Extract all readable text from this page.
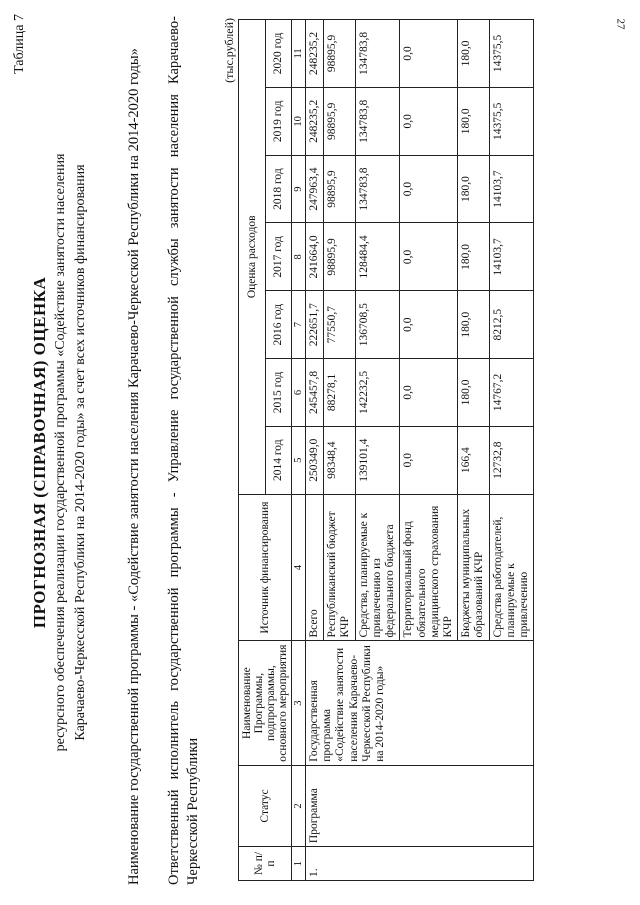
27
Таблица 7
ПРОГНОЗНАЯ (СПРАВОЧНАЯ) ОЦЕНКА ресурсного обеспечения реализации государственной программы «Содействие занятости населения Карачаево-Черкесской Республики на 2014-2020 годы» за счет всех источников финансирования	Наименование государственной программы - «Содействие занятости населения Карачаево-Черкесской Республики на 2014-2020 годы» Ответственный исполнитель государственной программы - Управление государственной службы занятости населения Карачаево-Черкесской Республики
(тыс.рублей)
№ п/п	Статус	Наименование Программы, подпрограммы, основного мероприятия	Источник финансирования	Оценка расходов						
				2014 год	2015 год	2016 год	2017 год	2018 год	2019 год	2020 год
1	2	3	4	5	6	7	8	9	10	11
1.	Программа	Государственная программа «Содействие занятости населения Карачаево-Черкесской Республики на 2014-2020 годы»	Всего	250349,0	245457,8	222651,7	241664,0	247963,4	248235,2	248235,2
			Республиканский бюджет КЧР	98348,4	88278,1	77550,7	98895,9	98895,9	98895,9	98895,9
			Средства, планируемые к привлечению из федерального бюджета	139101,4	142232,5	136708,5	128484,4	134783,8	134783,8	134783,8
			Территориальный фонд обязательного медицинского страхования КЧР	0,0	0,0	0,0	0,0	0,0	0,0	0,0
			Бюджеты муниципальных образований КЧР	166,4	180,0	180,0	180,0	180,0	180,0	180,0
			Средства работодателей, планируемые к привлечению	12732,8	14767,2	8212,5	14103,7	14103,7	14375,5	14375,5
